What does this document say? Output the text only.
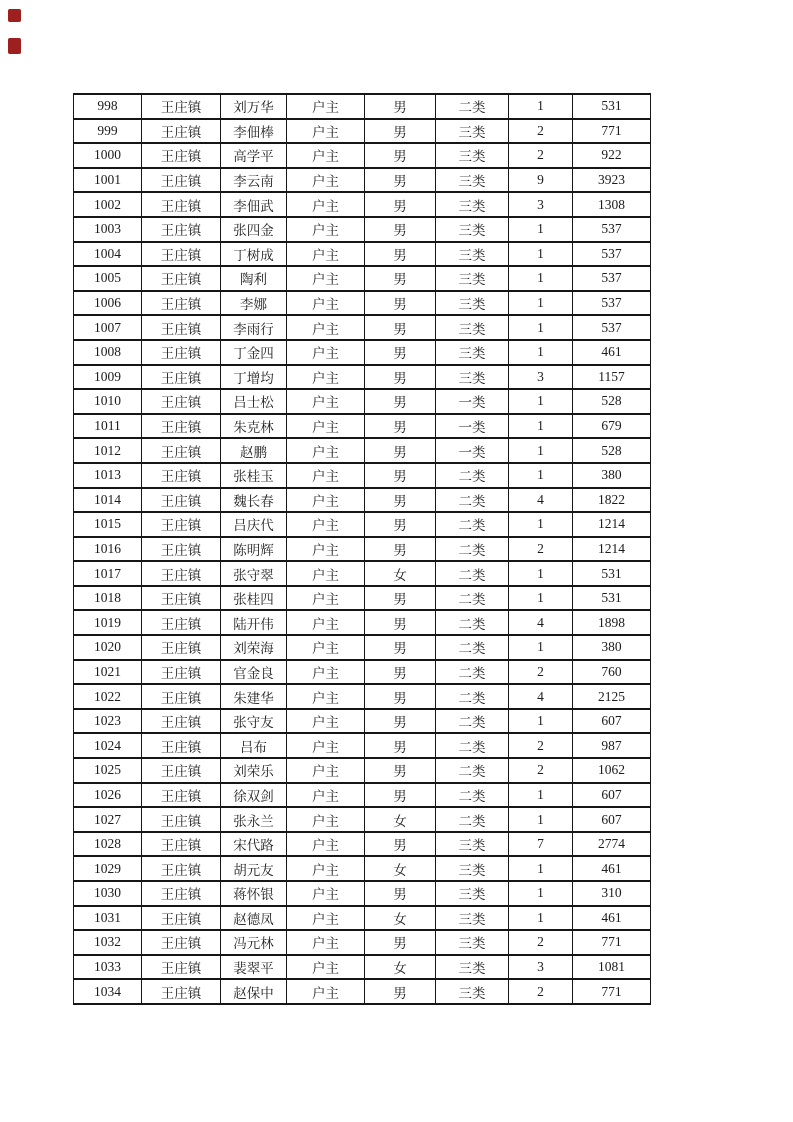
998	王庄镇	刘万华	户主	男	二类	1	531
999	王庄镇	李佃棒	户主	男	三类	2	771
1000	王庄镇	高学平	户主	男	三类	2	922
1001	王庄镇	李云南	户主	男	三类	9	3923
1002	王庄镇	李佃武	户主	男	三类	3	1308
1003	王庄镇	张四金	户主	男	三类	1	537
1004	王庄镇	丁树成	户主	男	三类	1	537
1005	王庄镇	陶利	户主	男	三类	1	537
1006	王庄镇	李娜	户主	男	三类	1	537
1007	王庄镇	李雨行	户主	男	三类	1	537
1008	王庄镇	丁金四	户主	男	三类	1	461
1009	王庄镇	丁增均	户主	男	三类	3	1157
1010	王庄镇	吕士松	户主	男	一类	1	528
1011	王庄镇	朱克林	户主	男	一类	1	679
1012	王庄镇	赵鹏	户主	男	一类	1	528
1013	王庄镇	张桂玉	户主	男	二类	1	380
1014	王庄镇	魏长春	户主	男	二类	4	1822
1015	王庄镇	吕庆代	户主	男	二类	1	1214
1016	王庄镇	陈明辉	户主	男	二类	2	1214
1017	王庄镇	张守翠	户主	女	二类	1	531
1018	王庄镇	张桂四	户主	男	二类	1	531
1019	王庄镇	陆开伟	户主	男	二类	4	1898
1020	王庄镇	刘荣海	户主	男	二类	1	380
1021	王庄镇	官金良	户主	男	二类	2	760
1022	王庄镇	朱建华	户主	男	二类	4	2125
1023	王庄镇	张守友	户主	男	二类	1	607
1024	王庄镇	吕布	户主	男	二类	2	987
1025	王庄镇	刘荣乐	户主	男	二类	2	1062
1026	王庄镇	徐双剑	户主	男	二类	1	607
1027	王庄镇	张永兰	户主	女	二类	1	607
1028	王庄镇	宋代路	户主	男	三类	7	2774
1029	王庄镇	胡元友	户主	女	三类	1	461
1030	王庄镇	蒋怀银	户主	男	三类	1	310
1031	王庄镇	赵德凤	户主	女	三类	1	461
1032	王庄镇	冯元林	户主	男	三类	2	771
1033	王庄镇	裴翠平	户主	女	三类	3	1081
1034	王庄镇	赵保中	户主	男	三类	2	771
